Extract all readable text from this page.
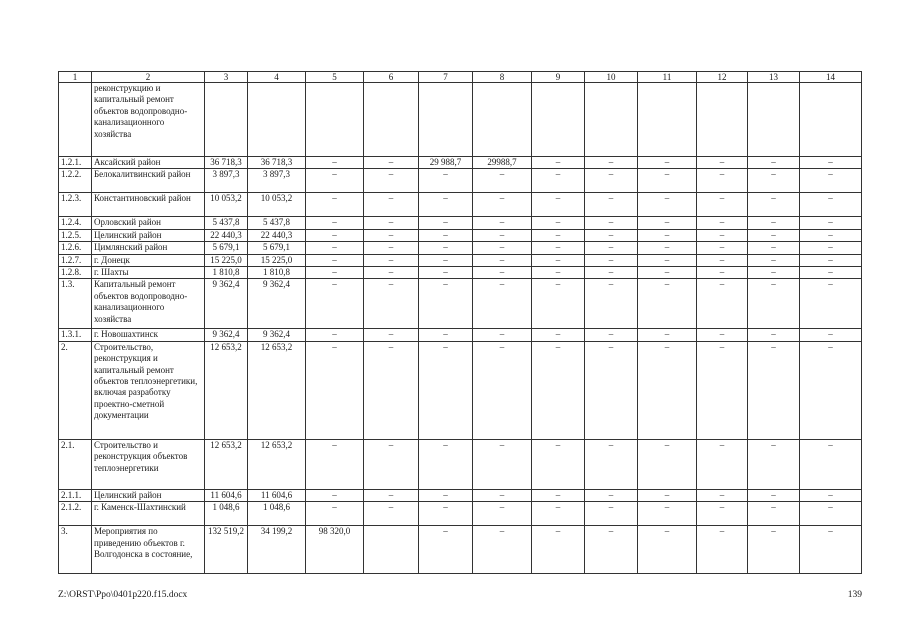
1	2	3	4	5	6	7	8	9	10	11	12	13	14
	реконструкцию и капитальный ремонт объектов водопроводно-канализационного хозяйства												
1.2.1.	Аксайский район	36 718,3	36 718,3	–	–	29 988,7	29988,7	–	–	–	–	–	–
1.2.2.	Белокалитвинский район	3 897,3	3 897,3	–	–	–	–	–	–	–	–	–	–
1.2.3.	Константиновский район	10 053,2	10 053,2	–	–	–	–	–	–	–	–	–	–
1.2.4.	Орловский район	5 437,8	5 437,8	–	–	–	–	–	–	–	–	–	–
1.2.5.	Целинский район	22 440,3	22 440,3	–	–	–	–	–	–	–	–	–	–
1.2.6.	Цимлянский район	5 679,1	5 679,1	–	–	–	–	–	–	–	–	–	–
1.2.7.	г. Донецк	15 225,0	15 225,0	–	–	–	–	–	–	–	–	–	–
1.2.8.	г. Шахты	1 810,8	1 810,8	–	–	–	–	–	–	–	–	–	–
1.3.	Капитальный ремонт объектов водопроводно-канализационного хозяйства	9 362,4	9 362,4	–	–	–	–	–	–	–	–	–	–
1.3.1.	г. Новошахтинск	9 362,4	9 362,4	–	–	–	–	–	–	–	–	–	–
2.	Строительство, реконструкция и капитальный ремонт объектов теплоэнергетики, включая разработку проектно-сметной документации	12 653,2	12 653,2	–	–	–	–	–	–	–	–	–	–
2.1.	Строительство и реконструкция объектов теплоэнергетики	12 653,2	12 653,2	–	–	–	–	–	–	–	–	–	–
2.1.1.	Целинский район	11 604,6	11 604,6	–	–	–	–	–	–	–	–	–	–
2.1.2.	г. Каменск-Шахтинский	1 048,6	1 048,6	–	–	–	–	–	–	–	–	–	–
3.	Мероприятия по приведению объектов г. Волгодонска в состояние,	132 519,2	34 199,2	98 320,0		–	–	–	–	–	–	–	–
Z:\ORST\Ppo\0401p220.f15.docx	139
